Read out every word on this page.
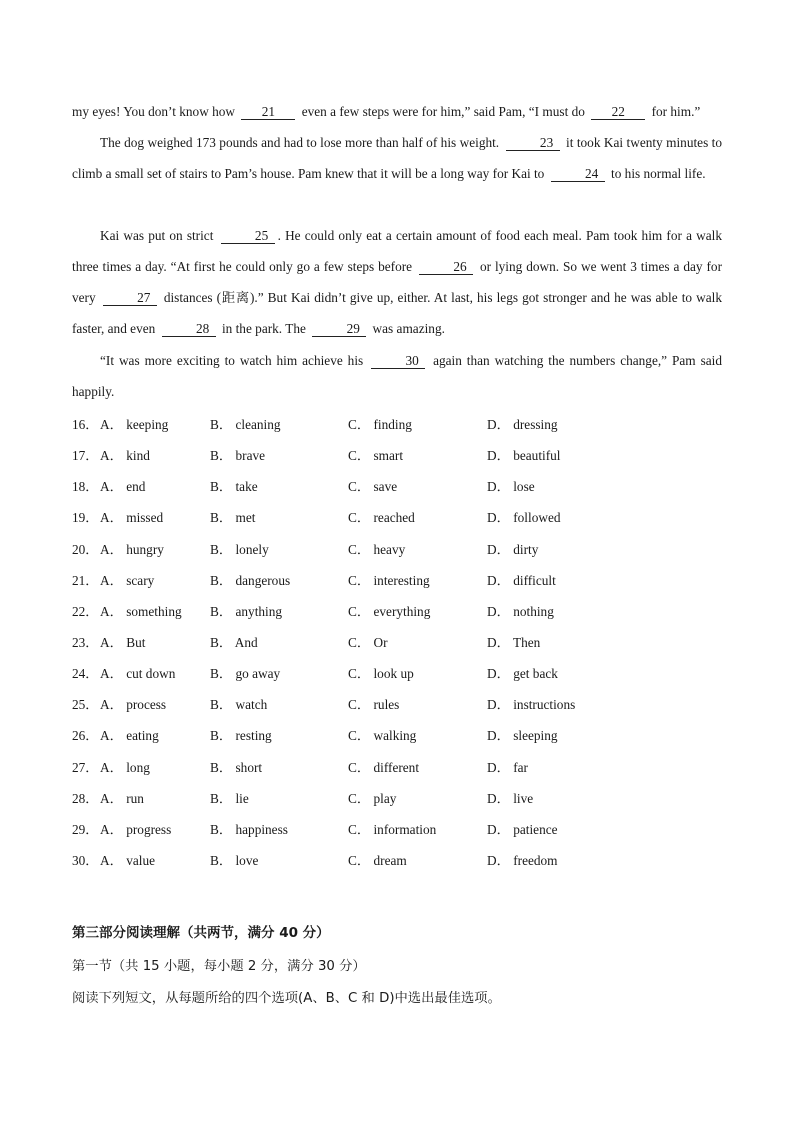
my eyes! You don’t know how 21 even a few steps were for him,” said Pam, “I must do 22 for him.”
The dog weighed 173 pounds and had to lose more than half of his weight.	23 it took Kai twenty minutes to climb a small set of stairs to Pam’s house. Pam knew that it will be a long way for Kai to	24 to his normal life.
Kai was put on strict	25 . He could only eat a certain amount of food each meal. Pam took him for a walk three times a day. “At first he could only go a few steps before	26 or lying down. So we went 3 times a day for very	27 distances (距离).” But Kai didn’t give up, either. At last, his legs got stronger and he was able to walk faster, and even	28 in the park. The	29 was amazing.
“It was more exciting to watch him achieve his	30 again than watching the numbers change,” Pam said happily.
16． A． keeping	B． cleaning	C． finding	D． dressing
17． A． kind	B． brave	C． smart	D． beautiful
18． A． end	B． take	C． save	D． lose
19． A． missed	B． met	C． reached	D． followed
20． A． hungry	B． lonely	C． heavy	D． dirty
21． A． scary	B． dangerous	C． interesting	D． difficult
22． A． something B． anything	C． everything	D． nothing
23． A． But	B． And	C． Or	D． Then
24． A． cut down	B． go away	C． look up	D． get back
25． A． process	B． watch	C． rules	D． instructions
26． A． eating	B． resting	C． walking	D． sleeping
27． A． long	B． short	C． different	D． far
28． A． run	B． lie	C． play	D． live
29． A． progress	B． happiness	C． information	D． patience
30． A． value	B． love	C． dream	D． freedom
第三部分阅读理解（共两节，满分 40 分）
第一节（共 15 小题，每小题 2 分，满分 30 分）
阅读下列短文，从每题所给的四个选项(A、B、C 和 D)中选出最佳选项。
